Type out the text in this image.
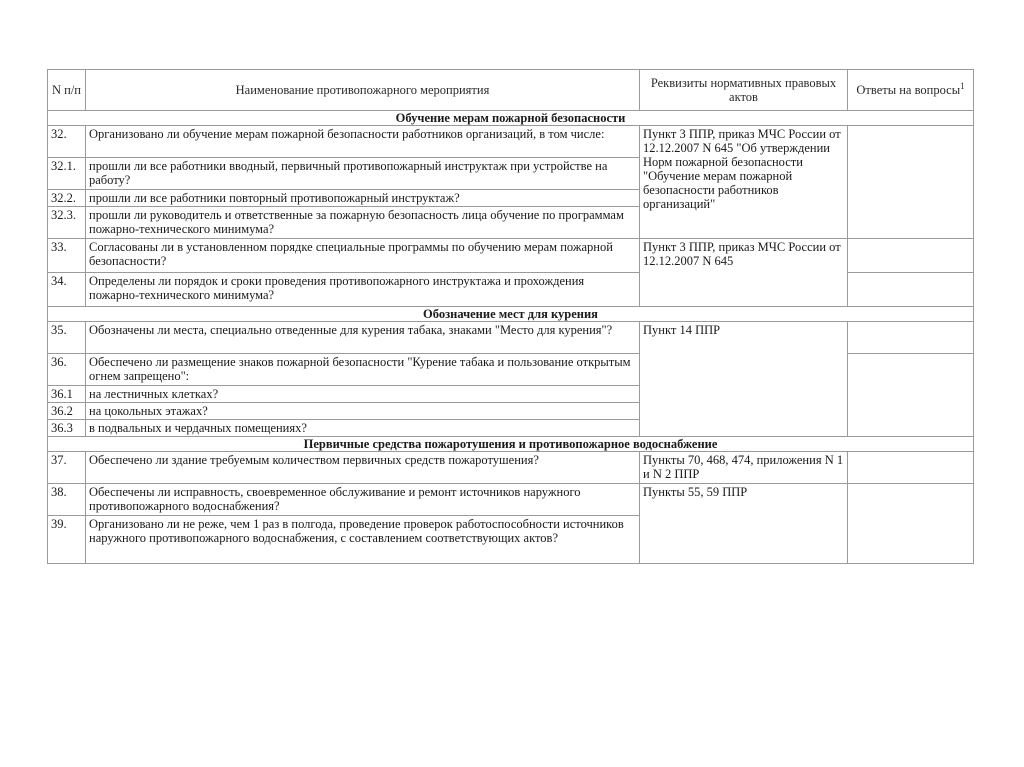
N п/п	Наименование противопожарного мероприятия	Реквизиты нормативных правовых актов	Ответы на вопросы$^1$
Обучение мерам пожарной безопасности			
32.	Организовано ли обучение мерам пожарной безопасности работников организаций, в том числе:	Пункт 3 ППР, приказ МЧС России от 12.12.2007 N 645 "Об утверждении Норм пожарной безопасности "Обучение мерам пожарной безопасности работников организаций"	
32.1.	прошли ли все работники вводный, первичный противопожарный инструктаж при устройстве на работу?		
32.2.	прошли ли все работники повторный противопожарный инструктаж?		
32.3.	прошли ли руководитель и ответственные за пожарную безопасность лица обучение по программам пожарно-технического минимума?		
33.	Согласованы ли в установленном порядке специальные программы по обучению мерам пожарной безопасности?	Пункт 3 ППР, приказ МЧС России от 12.12.2007 N 645	
34.	Определены ли порядок и сроки проведения противопожарного инструктажа и прохождения пожарно-технического минимума?		
Обозначение мест для курения			
35.	Обозначены ли места, специально отведенные для курения табака, знаками "Место для курения"?	Пункт 14 ППР	
36.	Обеспечено ли размещение знаков пожарной безопасности "Курение табака и пользование открытым огнем запрещено":		
36.1	на лестничных клетках?		
36.2	на цокольных этажах?		
36.3	в подвальных и чердачных помещениях?		
Первичные средства пожаротушения и противопожарное водоснабжение			
37.	Обеспечено ли здание требуемым количеством первичных средств пожаротушения?	Пункты 70, 468, 474, приложения N 1 и N 2 ППР	
38.	Обеспечены ли исправность, своевременное обслуживание и ремонт источников наружного противопожарного водоснабжения?	Пункты 55, 59 ППР	
39.	Организовано ли не реже, чем 1 раз в полгода, проведение проверок работоспособности источников наружного противопожарного водоснабжения, с составлением соответствующих актов?		
